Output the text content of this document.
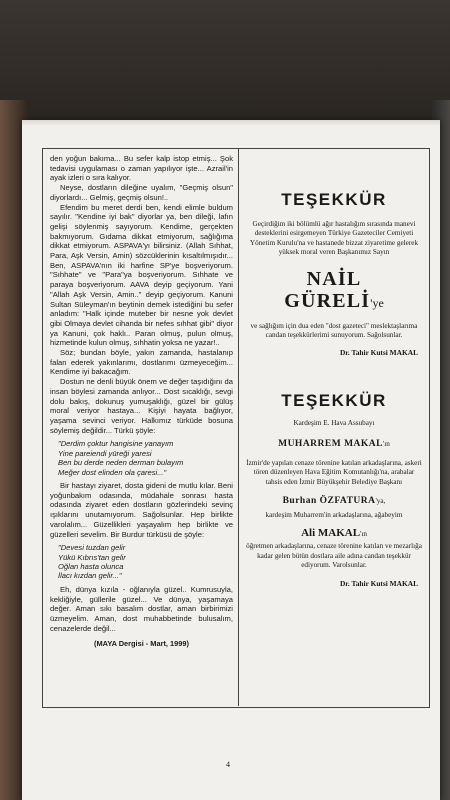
den yoğun bakıma... Bu sefer kalp istop etmiş... Şok tedavisi uygulaması o zaman yapılıyor işte... Azrail'in ayak izleri o sıra kalıyor.

Neyse, dostların dileğine uyalım, "Geçmiş olsun" diyorlardı... Gelmiş, geçmiş olsun!..

Efendim bu meret derdi ben, kendi elimle buldum sayılır. "Kendine iyi bak" diyorlar ya, ben dileği, lafın gelişi söylenmiş sayıyorum. Kendime, gerçekten bakmıyorum. Gıdama dikkat etmiyorum, sağlığıma dikkat etmiyorum. ASPAVA'yı bilirsiniz. (Allah Sıhhat, Para, Aşk Versin, Amin) sözcüklerinin kısaltılmışıdır... Ben, ASPAVA'nın iki harfine SP'ye boşveriyorum. "Sıhhate" ve "Para"ya boşveriyorum. Sıhhate ve paraya boşveriyorum. AAVA deyip geçiyorum. Yani "Allah Aşk Versin, Amin.." deyip geçiyorum. Kanuni Sultan Süleyman'ın beytinin demek istediğini bu sefer anladım: "Halk içinde muteber bir nesne yok devlet gibi Olmaya devlet cihanda bir nefes sıhhat gibi" diyor ya Kanuni, çok haklı.. Paran olmuş, pulun olmuş, hizmetinde kulun olmuş, sıhhatin yoksa ne yazar!..

Söz; bundan böyle, yakın zamanda, hastalanıp falan ederek yakınlarımı, dostlarımı üzmeyeceğim... Kendime iyi bakacağım.

Dostun ne denli büyük önem ve değer taşıdığını da insan böylesi zamanda anlıyor... Dost sıcaklığı, sevgi dolu bakış, dokunuş yumuşaklığı, güzel bir gülüş moral veriyor hastaya... Kişiyi hayata bağlıyor, yaşama sevinci veriyor. Halkımız türküde bosuna söylemiş değildir... Türkü şöyle:

"Derdim çoktur hangisine yanayım
Yine pareiendi yüreği yaresi
Ben bu derde neden derman bulayım
Meğer dost elinden ola çaresi..."

Bir hastayı ziyaret, dosta gideni de mutlu kılar. Beni yoğunbakım odasında, müdahale sonrası hasta odasında ziyaret eden dostların gözlerindeki sevinç ışıklarını unutamıyorum. Sağolsunlar. Hep birlikte varolalım... Güzellikleri yaşayalım hep birlikte ve güzelleri sevelim. Bir Burdur türküsü de şöyle:

"Devesi tuzdan gelir
Yükü Kıbrıs'tan gelir
Oğlan hasta olunca
İlacı kızdan gelir..."

Eh, dünya kızıla - oğlanıyla güzel.. Kumrusuyla, kekliğiyle, güllerile güzel... Ve dünya, yaşamaya değer. Aman sıkı basalım dostlar, aman birbirimizi üzmeyelim. Aman, dost muhabbetinde bulusalım, cenazelerde değil...

(MAYA Dergisi - Mart, 1999)
TEŞEKKÜR
Geçirdiğim iki bölümlü ağır hastalığım sırasında manevi desteklerini esirgemeyen Türkiye Gazeteciler Cemiyeti Yönetim Kurulu'na ve hastanede bizzat ziyaretime gelerek yüksek moral veren Başkanımız Sayın
NAİL
GÜRELİ'ye
ve sağlığım için dua eden "dost gazeteci" meslektaşlarıma candan teşekkürlerimi sunuyorum. Sağolsunlar.
Dr. Tahir Kutsi MAKAL
TEŞEKKÜR
Kardeşim E. Hava Assubayı
MUHARREM MAKAL'ın
İzmir'de yapılan cenaze törenine katılan arkadaşlarına, askeri tören düzenleyen Hava Eğitim Komutanlığı'na, arabalar tahsis eden İzmir Büyükşehir Belediye Başkanı
Burhan ÖZFATURA'ya,
kardeşim Muharrem'in arkadaşlarına, ağabeyim
Ali MAKAL'ın
öğretmen arkadaşlarına, cenaze törenine katılan ve mezarlığa kadar gelen bütün dostlara aile adına candan teşekkür ediyorum. Varolsunlar.
Dr. Tahir Kutsi MAKAL
4
